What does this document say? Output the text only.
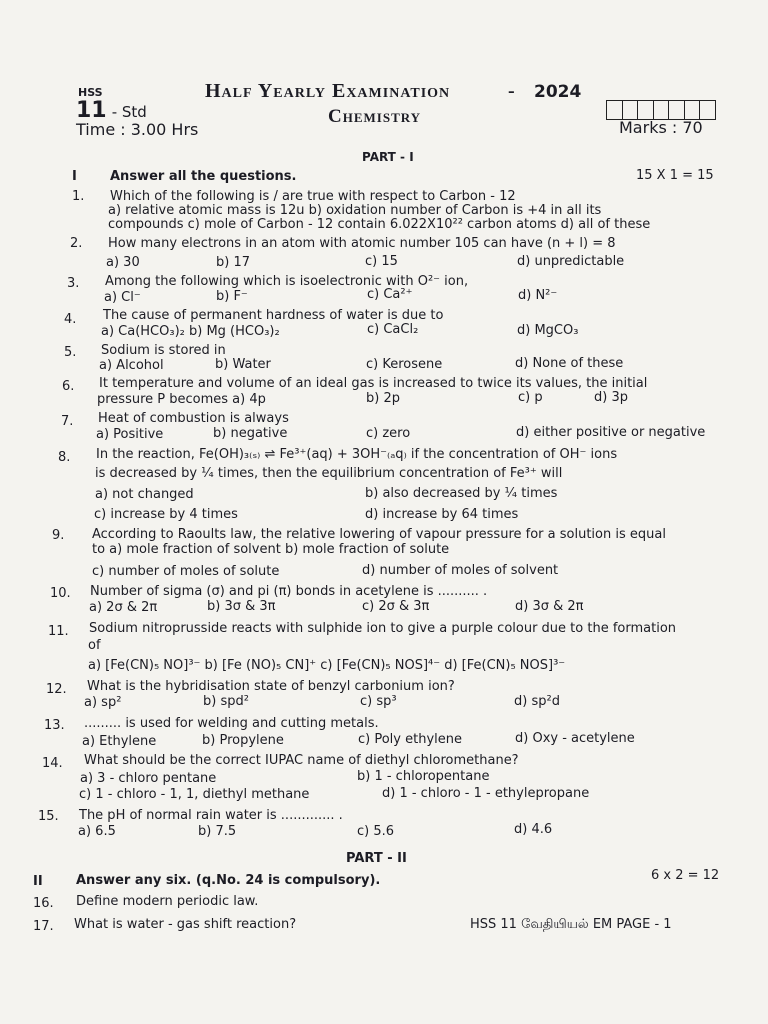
HSS
11 - Std
Time : 3.00 Hrs
Half Yearly Examination	- 2024
Chemistry
Marks : 70
PART - I
I	Answer all the questions.	15 X 1 = 15
1. Which of the following is / are true with respect to Carbon - 12
a) relative atomic mass is 12u b) oxidation number of Carbon is +4 in all its
compounds c) mole of Carbon - 12 contain 6.022X10²² carbon atoms d) all of these
2. How many electrons in an atom with atomic number 105 can have (n + l) = 8
a) 30	b) 17	c) 15	d) unpredictable
3. Among the following which is isoelectronic with O²⁻ ion,
a) Cl⁻	b) F⁻	c) Ca²⁺	d) N²⁻
4. The cause of permanent hardness of water is due to
a) Ca(HCO₃)₂ b) Mg (HCO₃)₂	c) CaCl₂	d) MgCO₃
5. Sodium is stored in
a) Alcohol	b) Water	c) Kerosene	d) None of these
6. It temperature and volume of an ideal gas is increased to twice its values, the initial
pressure P becomes a) 4p	b) 2p	c) p	d) 3p
7. Heat of combustion is always
a) Positive	b) negative	c) zero	d) either positive or negative
8. In the reaction, Fe(OH)₃₍ₛ₎ ⇌ Fe³⁺(aq) + 3OH⁻₍ₐq₎ if the concentration of OH⁻ ions
is decreased by ¹⁄₄ times, then the equilibrium concentration of Fe³⁺ will
a) not changed	b) also decreased by ¹⁄₄ times
c) increase by 4 times	d) increase by 64 times
9. According to Raoults law, the relative lowering of vapour pressure for a solution is equal
to a) mole fraction of solvent b) mole fraction of solute
c) number of moles of solute	d) number of moles of solvent
10. Number of sigma (σ) and pi (π) bonds in acetylene is .......... .
a) 2σ & 2π	b) 3σ & 3π	c) 2σ & 3π	d) 3σ & 2π
11. Sodium nitroprusside reacts with sulphide ion to give a purple colour due to the formation
of
a) [Fe(CN)₅ NO]³⁻ b) [Fe (NO)₅ CN]⁺ c) [Fe(CN)₅ NOS]⁴⁻ d) [Fe(CN)₅ NOS]³⁻
12. What is the hybridisation state of benzyl carbonium ion?
a) sp²	b) spd²	c) sp³	d) sp²d
13. ......... is used for welding and cutting metals.
a) Ethylene	b) Propylene	c) Poly ethylene	d) Oxy - acetylene
14. What should be the correct IUPAC name of diethyl chloromethane?
a) 3 - chloro pentane	b) 1 - chloropentane
c) 1 - chloro - 1, 1, diethyl methane	d) 1 - chloro - 1 - ethylepropane
15. The pH of normal rain water is ............. .
a) 6.5	b) 7.5	c) 5.6	d) 4.6
PART - II
II	Answer any six. (q.No. 24 is compulsory).	6 x 2 = 12
16. Define modern periodic law.
17. What is water - gas shift reaction?	HSS 11 வேதியியல் EM PAGE - 1
